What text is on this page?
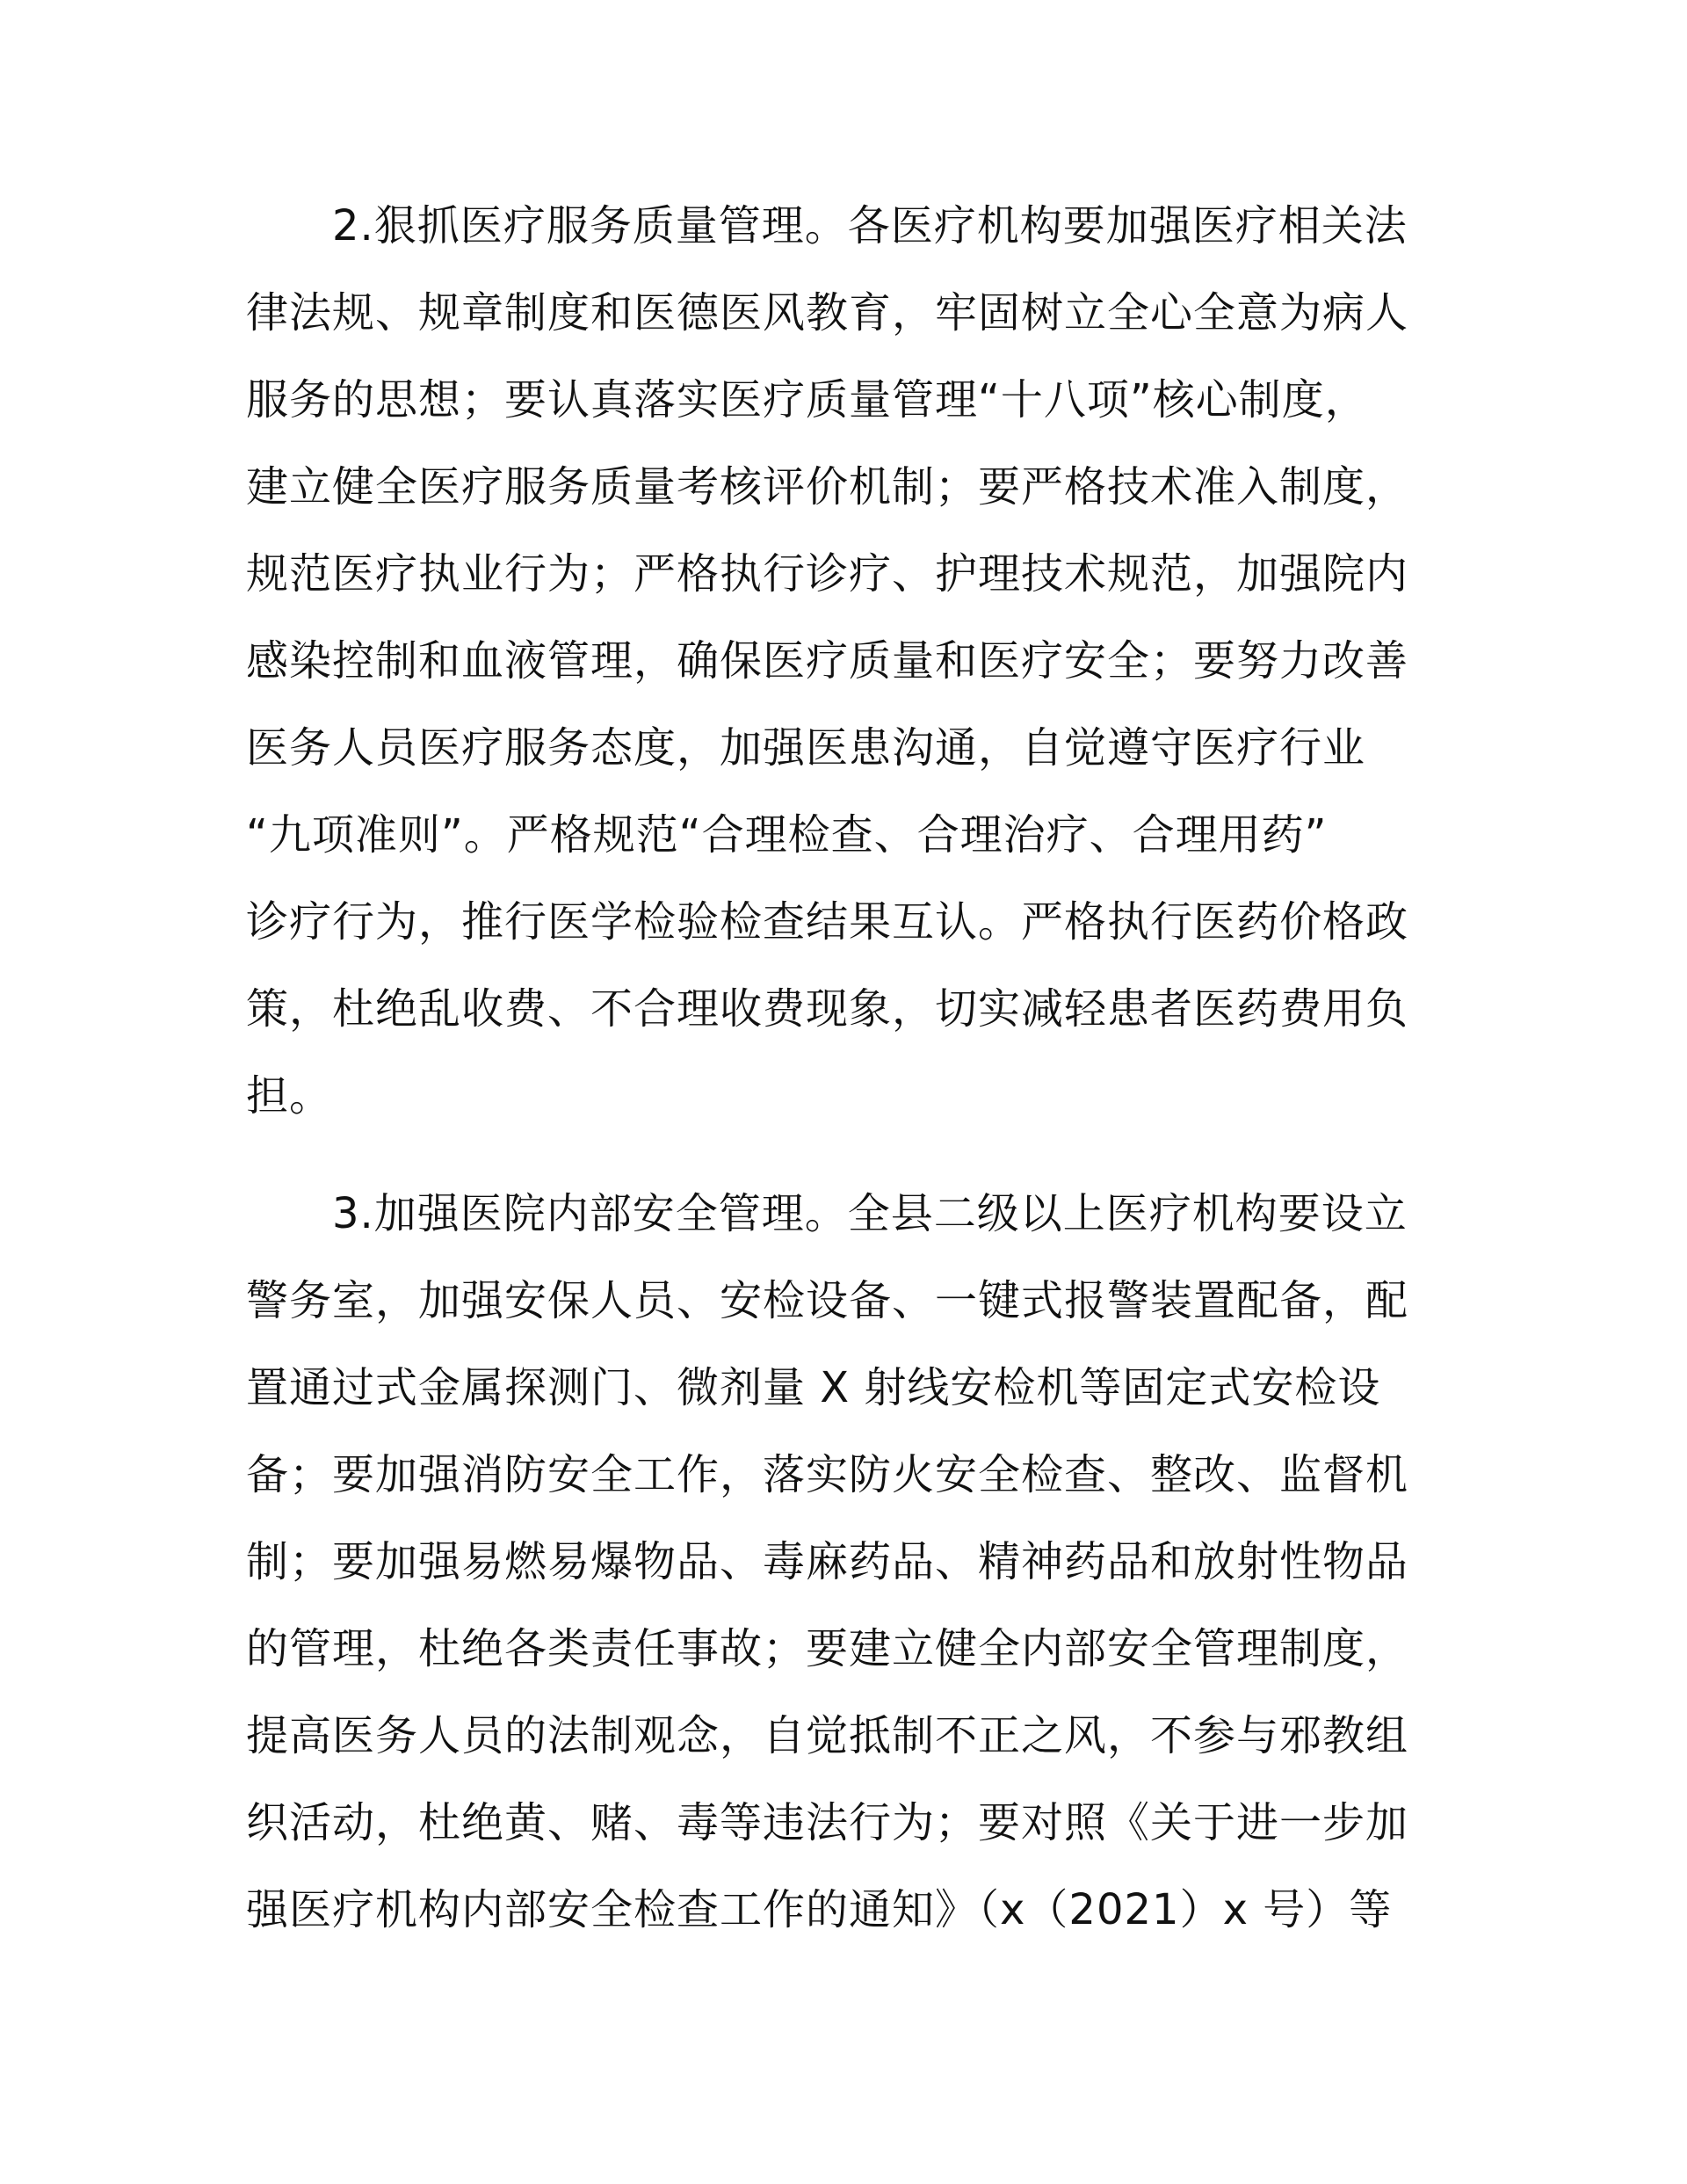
2.狠抓医疗服务质量管理。各医疗机构要加强医疗相关法
律法规、规章制度和医德医风教育，牢固树立全心全意为病人
服务的思想；要认真落实医疗质量管理“十八项”核心制度，
建立健全医疗服务质量考核评价机制；要严格技术准入制度，
规范医疗执业行为；严格执行诊疗、护理技术规范，加强院内
感染控制和血液管理，确保医疗质量和医疗安全；要努力改善
医务人员医疗服务态度，加强医患沟通，自觉遵守医疗行业
“九项准则”。严格规范“合理检查、合理治疗、合理用药”
诊疗行为，推行医学检验检查结果互认。严格执行医药价格政
策，杜绝乱收费、不合理收费现象，切实减轻患者医药费用负
担。
3.加强医院内部安全管理。全县二级以上医疗机构要设立
警务室，加强安保人员、安检设备、一键式报警装置配备，配
置通过式金属探测门、微剂量 X 射线安检机等固定式安检设
备；要加强消防安全工作，落实防火安全检查、整改、监督机
制；要加强易燃易爆物品、毒麻药品、精神药品和放射性物品
的管理，杜绝各类责任事故；要建立健全内部安全管理制度，
提高医务人员的法制观念，自觉抵制不正之风，不参与邪教组
织活动，杜绝黄、赌、毒等违法行为；要对照《关于进一步加
强医疗机构内部安全检查工作的通知》（x（2021）x 号）等
